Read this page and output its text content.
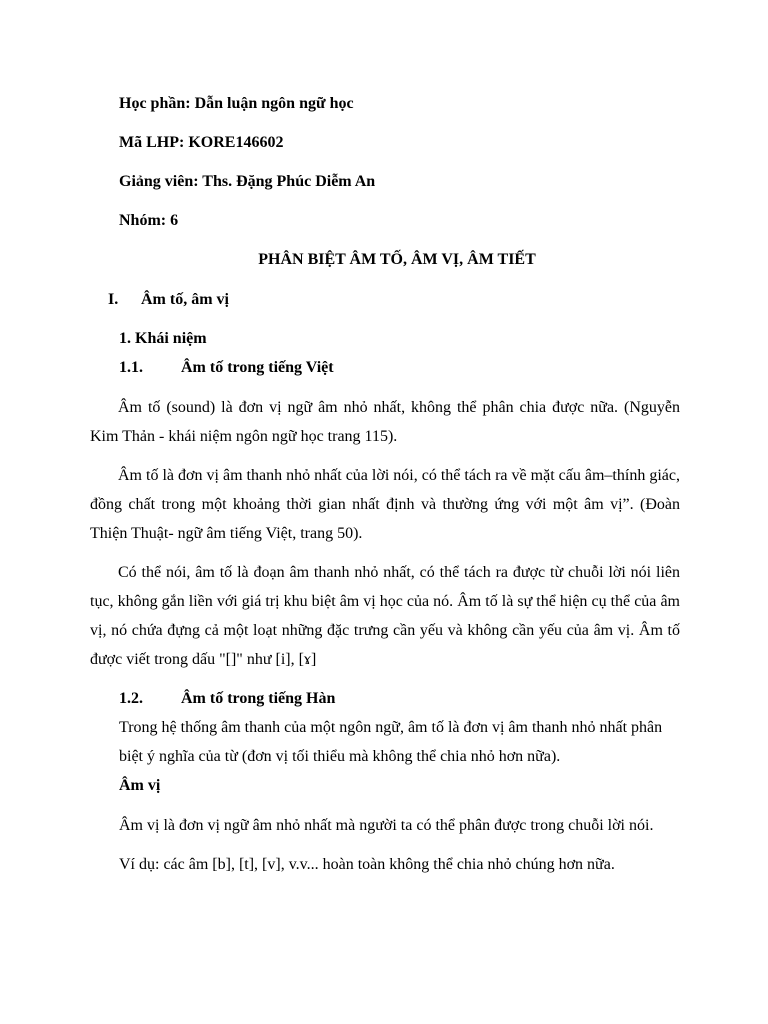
Học phần: Dẫn luận ngôn ngữ học
Mã LHP: KORE146602
Giảng viên: Ths. Đặng Phúc Diễm An
Nhóm: 6
PHÂN BIỆT ÂM TỐ, ÂM VỊ, ÂM TIẾT
I. Âm tố, âm vị
1. Khái niệm
1.1. Âm tố trong tiếng Việt
Âm tố (sound) là đơn vị ngữ âm nhỏ nhất, không thể phân chia được nữa. (Nguyễn Kim Thản - khái niệm ngôn ngữ học trang 115).
Âm tố là đơn vị âm thanh nhỏ nhất của lời nói, có thể tách ra về mặt cấu âm–thính giác, đồng chất trong một khoảng thời gian nhất định và thường ứng với một âm vị”. (Đoàn Thiện Thuật- ngữ âm tiếng Việt, trang 50).
Có thể nói, âm tố là đoạn âm thanh nhỏ nhất, có thể tách ra được từ chuỗi lời nói liên tục, không gắn liền với giá trị khu biệt âm vị học của nó. Âm tố là sự thể hiện cụ thể của âm vị, nó chứa đựng cả một loạt những đặc trưng cần yếu và không cần yếu của âm vị. Âm tố được viết trong dấu "[]" như [i], [ɤ]
1.2. Âm tố trong tiếng Hàn
Trong hệ thống âm thanh của một ngôn ngữ, âm tố là đơn vị âm thanh nhỏ nhất phân biệt ý nghĩa của từ (đơn vị tối thiểu mà không thể chia nhỏ hơn nữa).
Âm vị
Âm vị là đơn vị ngữ âm nhỏ nhất mà người ta có thể phân được trong chuỗi lời nói.
Ví dụ: các âm [b], [t], [v], v.v... hoàn toàn không thể chia nhỏ chúng hơn nữa.
